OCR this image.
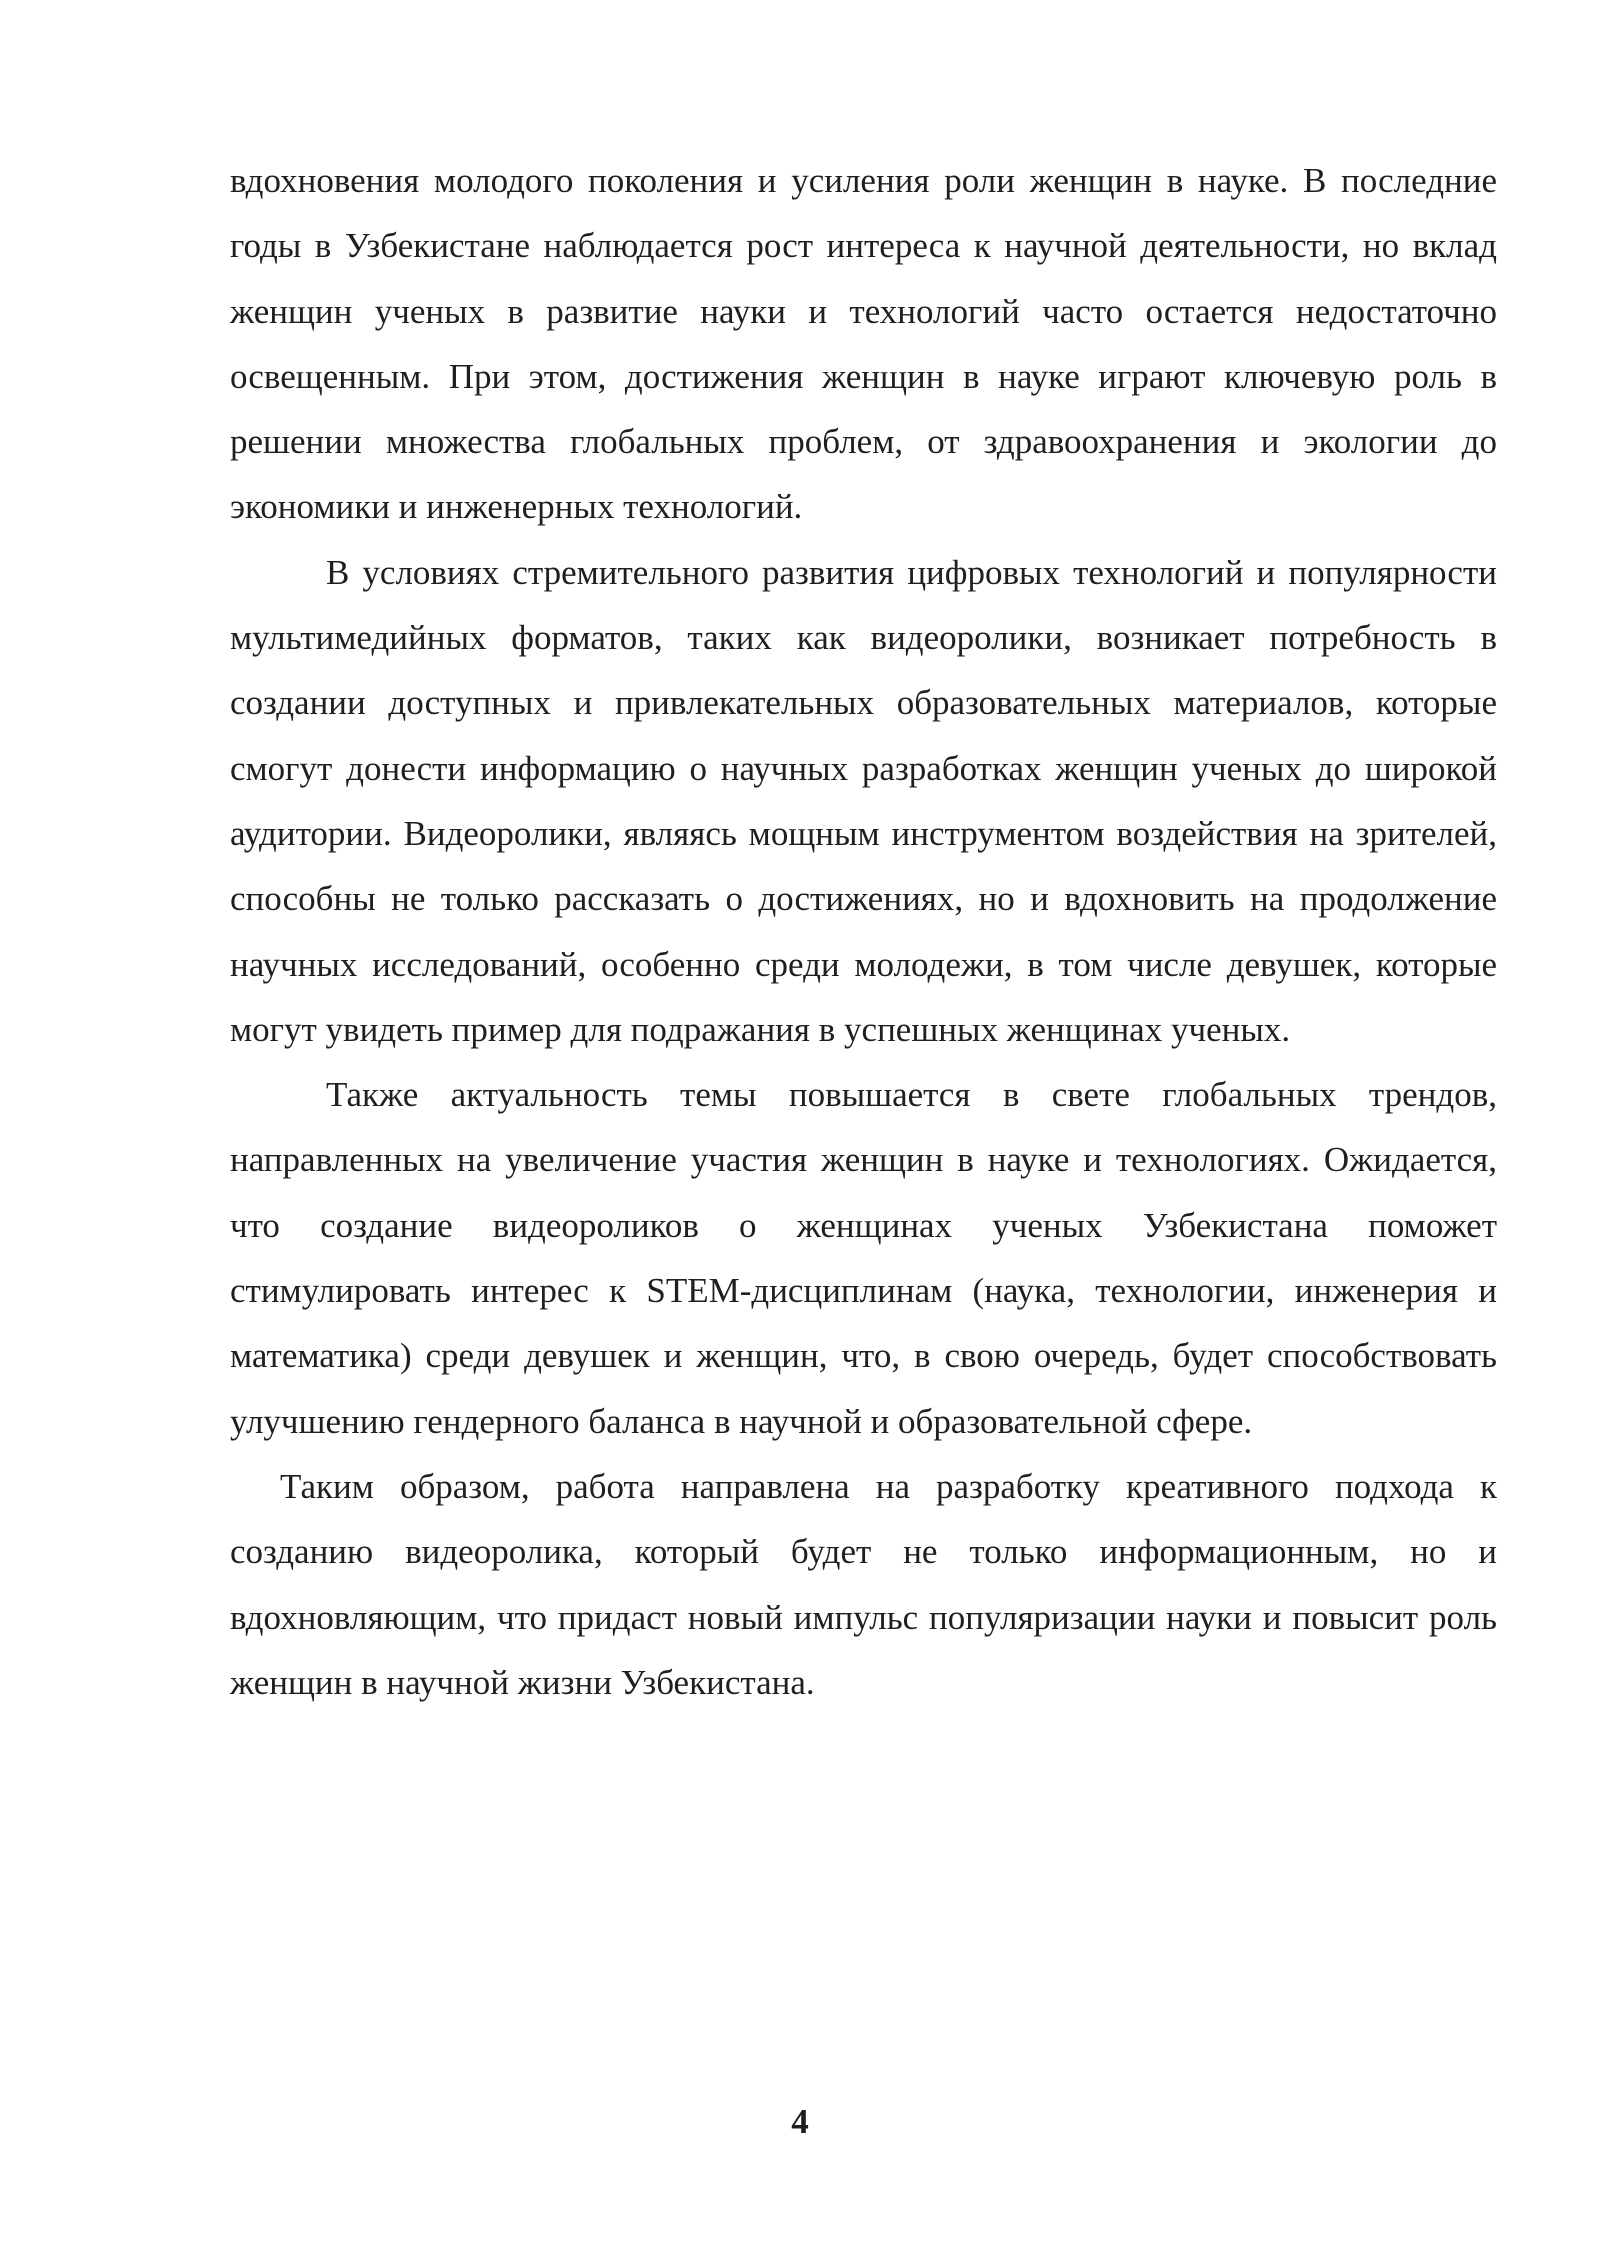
вдохновения молодого поколения и усиления роли женщин в науке. В последние годы в Узбекистане наблюдается рост интереса к научной деятельности, но вклад женщин ученых в развитие науки и технологий часто остается недостаточно освещенным. При этом, достижения женщин в науке играют ключевую роль в решении множества глобальных проблем, от здравоохранения и экологии до экономики и инженерных технологий.

В условиях стремительного развития цифровых технологий и популярности мультимедийных форматов, таких как видеоролики, возникает потребность в создании доступных и привлекательных образовательных материалов, которые смогут донести информацию о научных разработках женщин ученых до широкой аудитории. Видеоролики, являясь мощным инструментом воздействия на зрителей, способны не только рассказать о достижениях, но и вдохновить на продолжение научных исследований, особенно среди молодежи, в том числе девушек, которые могут увидеть пример для подражания в успешных женщинах ученых.

Также актуальность темы повышается в свете глобальных трендов, направленных на увеличение участия женщин в науке и технологиях. Ожидается, что создание видеороликов о женщинах ученых Узбекистана поможет стимулировать интерес к STEM-дисциплинам (наука, технологии, инженерия и математика) среди девушек и женщин, что, в свою очередь, будет способствовать улучшению гендерного баланса в научной и образовательной сфере.

Таким образом, работа направлена на разработку креативного подхода к созданию видеоролика, который будет не только информационным, но и вдохновляющим, что придаст новый импульс популяризации науки и повысит роль женщин в научной жизни Узбекистана.

4
